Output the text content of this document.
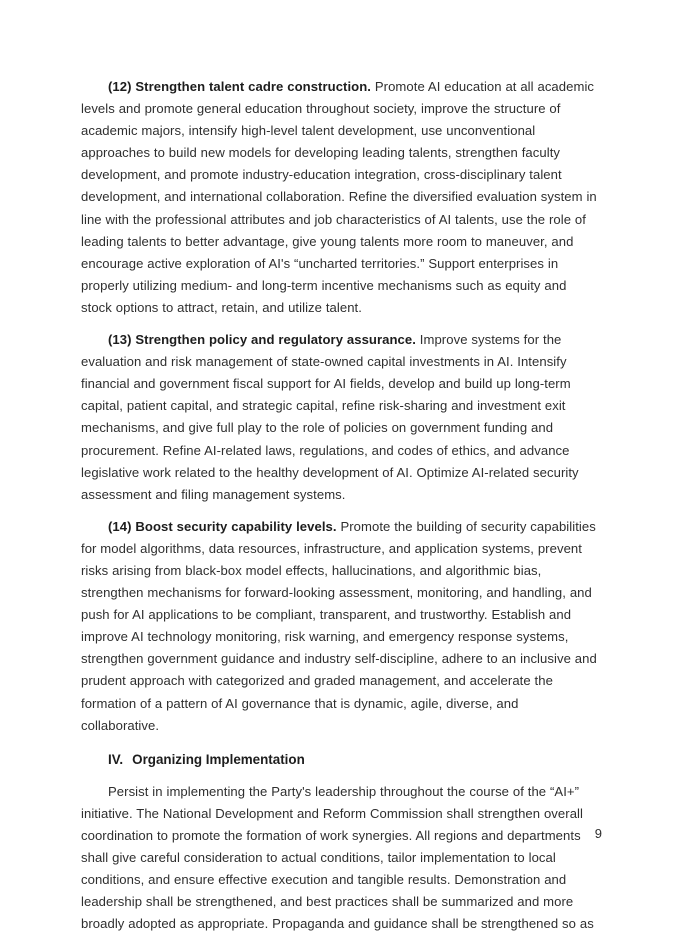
(12) Strengthen talent cadre construction. Promote AI education at all academic levels and promote general education throughout society, improve the structure of academic majors, intensify high-level talent development, use unconventional approaches to build new models for developing leading talents, strengthen faculty development, and promote industry-education integration, cross-disciplinary talent development, and international collaboration. Refine the diversified evaluation system in line with the professional attributes and job characteristics of AI talents, use the role of leading talents to better advantage, give young talents more room to maneuver, and encourage active exploration of AI's “uncharted territories.” Support enterprises in properly utilizing medium- and long-term incentive mechanisms such as equity and stock options to attract, retain, and utilize talent.

(13) Strengthen policy and regulatory assurance. Improve systems for the evaluation and risk management of state-owned capital investments in AI. Intensify financial and government fiscal support for AI fields, develop and build up long-term capital, patient capital, and strategic capital, refine risk-sharing and investment exit mechanisms, and give full play to the role of policies on government funding and procurement. Refine AI-related laws, regulations, and codes of ethics, and advance legislative work related to the healthy development of AI. Optimize AI-related security assessment and filing management systems.

(14) Boost security capability levels. Promote the building of security capabilities for model algorithms, data resources, infrastructure, and application systems, prevent risks arising from black-box model effects, hallucinations, and algorithmic bias, strengthen mechanisms for forward-looking assessment, monitoring, and handling, and push for AI applications to be compliant, transparent, and trustworthy. Establish and improve AI technology monitoring, risk warning, and emergency response systems, strengthen government guidance and industry self-discipline, adhere to an inclusive and prudent approach with categorized and graded management, and accelerate the formation of a pattern of AI governance that is dynamic, agile, diverse, and collaborative.

IV. Organizing Implementation

Persist in implementing the Party's leadership throughout the course of the “AI+” initiative. The National Development and Reform Commission shall strengthen overall coordination to promote the formation of work synergies. All regions and departments shall give careful consideration to actual conditions, tailor implementation to local conditions, and ensure effective execution and tangible results. Demonstration and leadership shall be strengthened, and best practices shall be summarized and more broadly adopted as appropriate. Propaganda and guidance shall be strengthened so as

9
